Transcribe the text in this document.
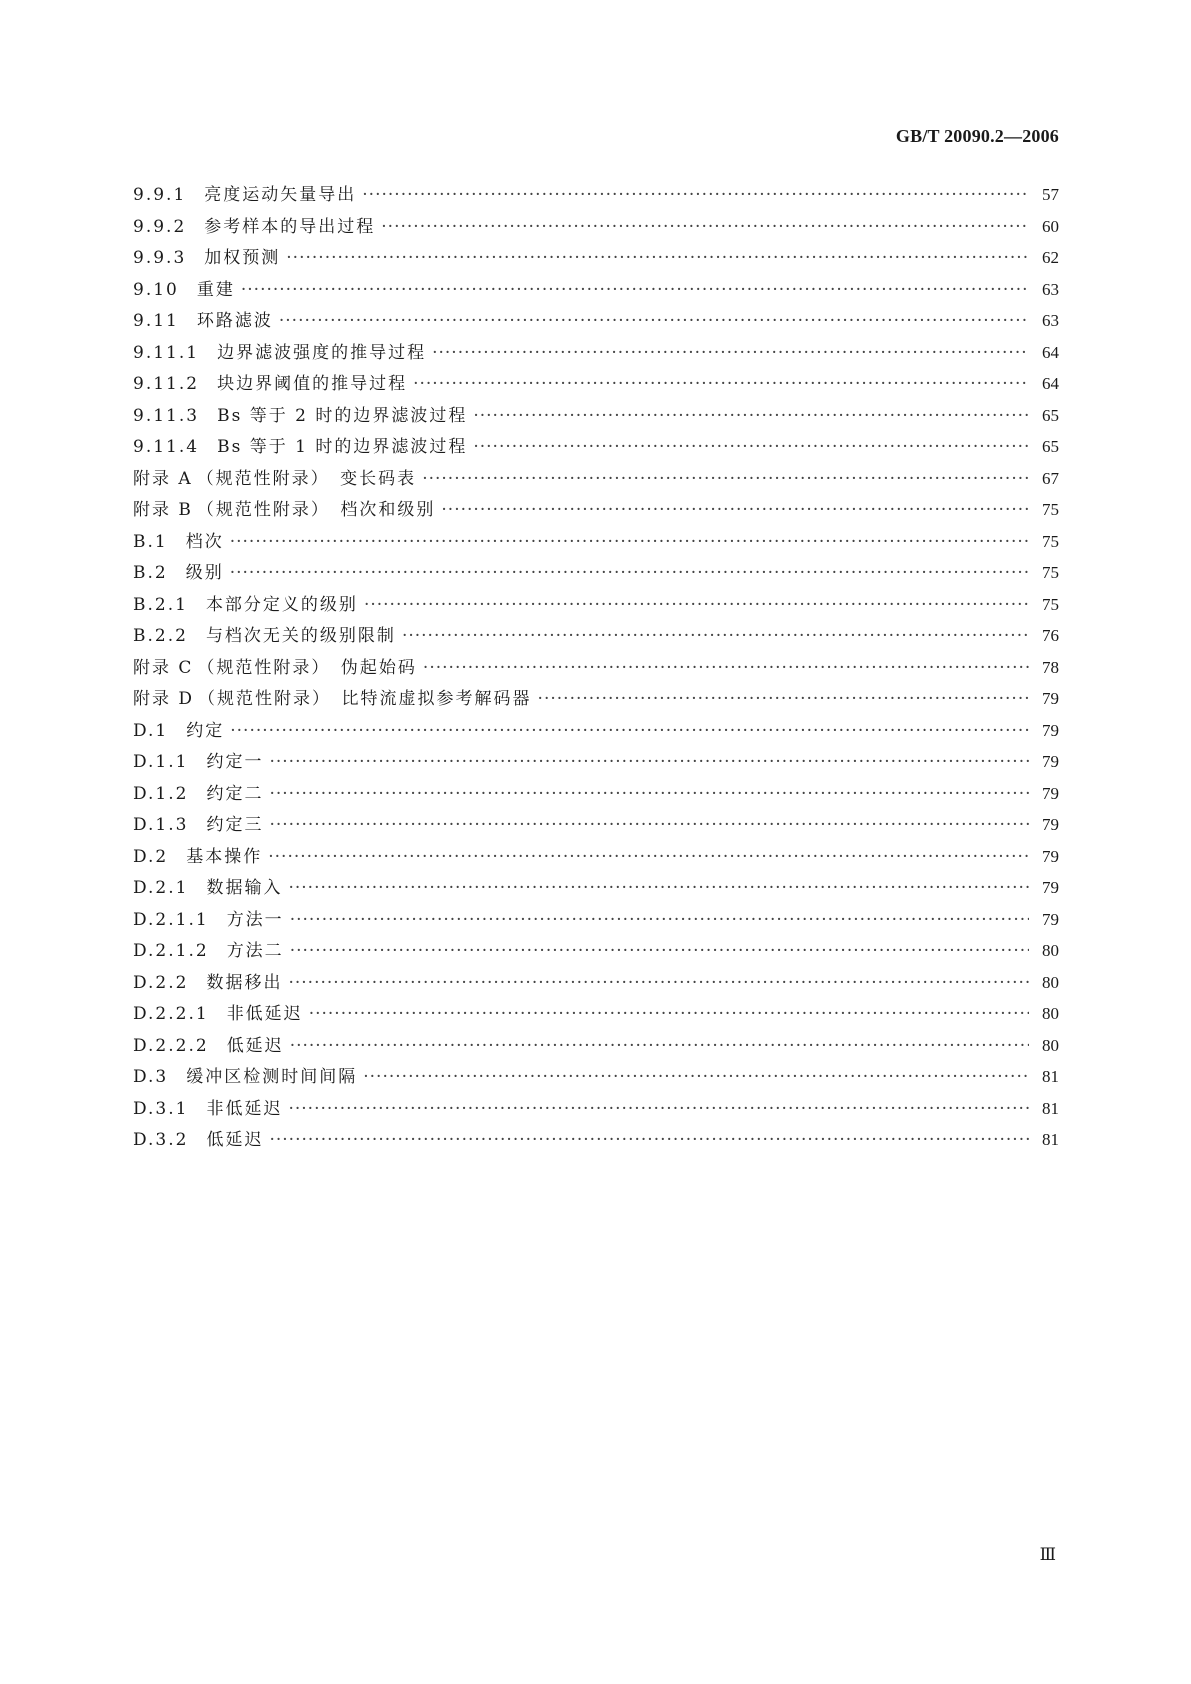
GB/T 20090.2—2006
9.9.1 亮度运动矢量导出 ·····	57
9.9.2 参考样本的导出过程 ·····	60
9.9.3 加权预测 ·····	62
9.10 重建 ·····	63
9.11 环路滤波 ·····	63
9.11.1 边界滤波强度的推导过程 ·····	64
9.11.2 块边界阈值的推导过程 ·····	64
9.11.3 Bs 等于 2 时的边界滤波过程 ·····	65
9.11.4 Bs 等于 1 时的边界滤波过程 ·····	65
附录 A （规范性附录）　变长码表 ·····	67
附录 B （规范性附录）　档次和级别 ·····	75
B.1 档次 ·····	75
B.2 级别 ·····	75
B.2.1 本部分定义的级别 ·····	75
B.2.2 与档次无关的级别限制 ·····	76
附录 C （规范性附录）　伪起始码 ·····	78
附录 D （规范性附录）　比特流虚拟参考解码器 ·····	79
D.1 约定 ·····	79
D.1.1 约定一 ·····	79
D.1.2 约定二 ·····	79
D.1.3 约定三 ·····	79
D.2 基本操作 ·····	79
D.2.1 数据输入 ·····	79
D.2.1.1 方法一 ·····	79
D.2.1.2 方法二 ·····	80
D.2.2 数据移出 ·····	80
D.2.2.1 非低延迟 ·····	80
D.2.2.2 低延迟 ·····	80
D.3 缓冲区检测时间间隔 ·····	81
D.3.1 非低延迟 ·····	81
D.3.2 低延迟 ·····	81
Ⅲ
